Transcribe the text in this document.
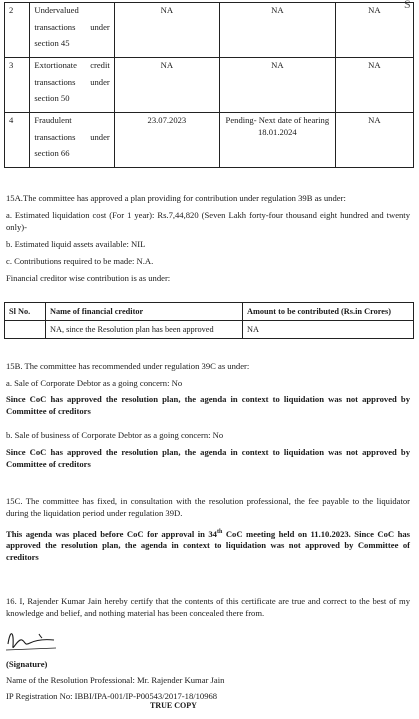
S
2	Undervalued
transactions under
section 45	NA	NA	NA
3	Extortionate credit
transactions under
section 50	NA	NA	NA
4	Fraudulent
transactions under
section 66	23.07.2023	Pending- Next date of hearing 18.01.2024	NA
15A.The committee has approved a plan providing for contribution under regulation 39B as under:
a. Estimated liquidation cost (For 1 year): Rs.7,44,820 (Seven Lakh forty-four thousand eight hundred and twenty only)-
b. Estimated liquid assets available: NIL
c. Contributions required to be made: N.A.
Financial creditor wise contribution is as under:
Sl No.	Name of financial creditor	Amount to be contributed (Rs.in Crores)
	NA, since the Resolution plan has been approved	NA
15B. The committee has recommended under regulation 39C as under:
a. Sale of Corporate Debtor as a going concern: No
Since CoC has approved the resolution plan, the agenda in context to liquidation was not approved by Committee of creditors
b. Sale of business of Corporate Debtor as a going concern: No
Since CoC has approved the resolution plan, the agenda in context to liquidation was not approved by Committee of creditors
15C. The committee has fixed, in consultation with the resolution professional, the fee payable to the liquidator during the liquidation period under regulation 39D.
This agenda was placed before CoC for approval in 34th CoC meeting held on 11.10.2023. Since CoC has approved the resolution plan, the agenda in context to liquidation was not approved by Committee of creditors
16. I, Rajender Kumar Jain hereby certify that the contents of this certificate are true and correct to the best of my knowledge and belief, and nothing material has been concealed there from.
(Signature)
Name of the Resolution Professional: Mr. Rajender Kumar Jain
IP Registration No: IBBI/IPA-001/IP-P00543/2017-18/10968
TRUE COPY
